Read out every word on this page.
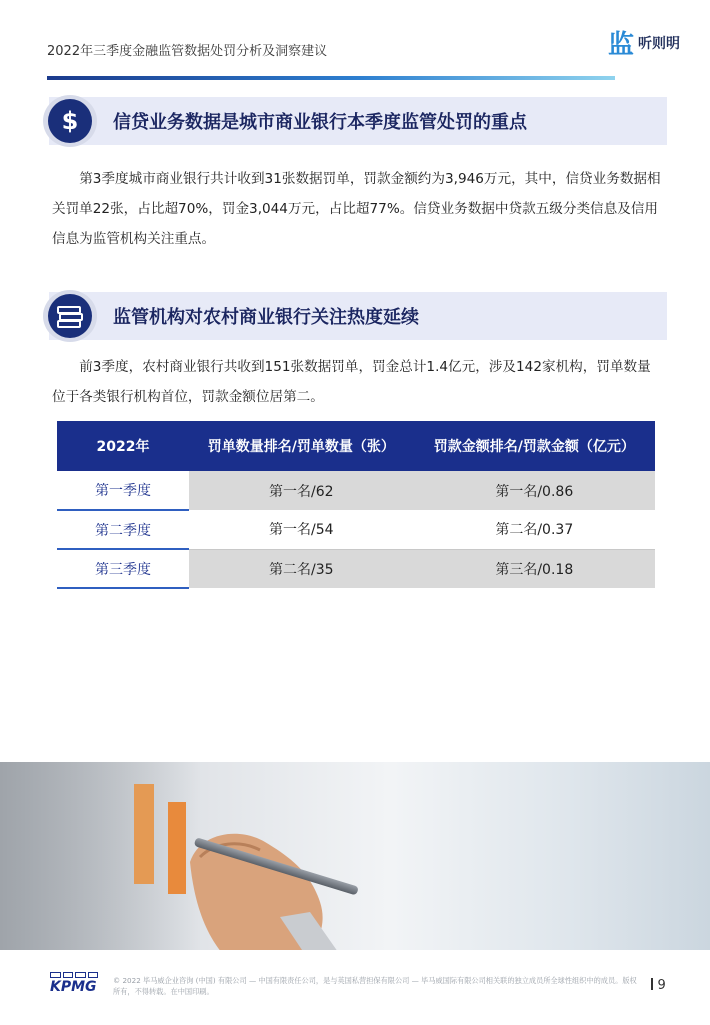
2022年三季度金融监管数据处罚分析及洞察建议	监 听则明
$	信贷业务数据是城市商业银行本季度监管处罚的重点

第3季度城市商业银行共计收到31张数据罚单，罚款金额约为3,946万元，其中，信贷业务数据相关罚单22张，占比超70%，罚金3,044万元，占比超77%。信贷业务数据中贷款五级分类信息及信用信息为监管机构关注重点。

监管机构对农村商业银行关注热度延续

前3季度，农村商业银行共收到151张数据罚单，罚金总计1.4亿元，涉及142家机构，罚单数量位于各类银行机构首位，罚款金额位居第二。

2022年	罚单数量排名/罚单数量（张）	罚款金额排名/罚款金额（亿元）
第一季度	第一名/62	第一名/0.86
第二季度	第一名/54	第二名/0.37
第三季度	第二名/35	第三名/0.18
KPMG © 2022 毕马威企业咨询 (中国) 有限公司 — 中国有限责任公司，是与英国私营担保有限公司 — 毕马威国际有限公司相关联的独立成员所全球性组织中的成员。版权所有，不得转载。在中国印刷。	9
